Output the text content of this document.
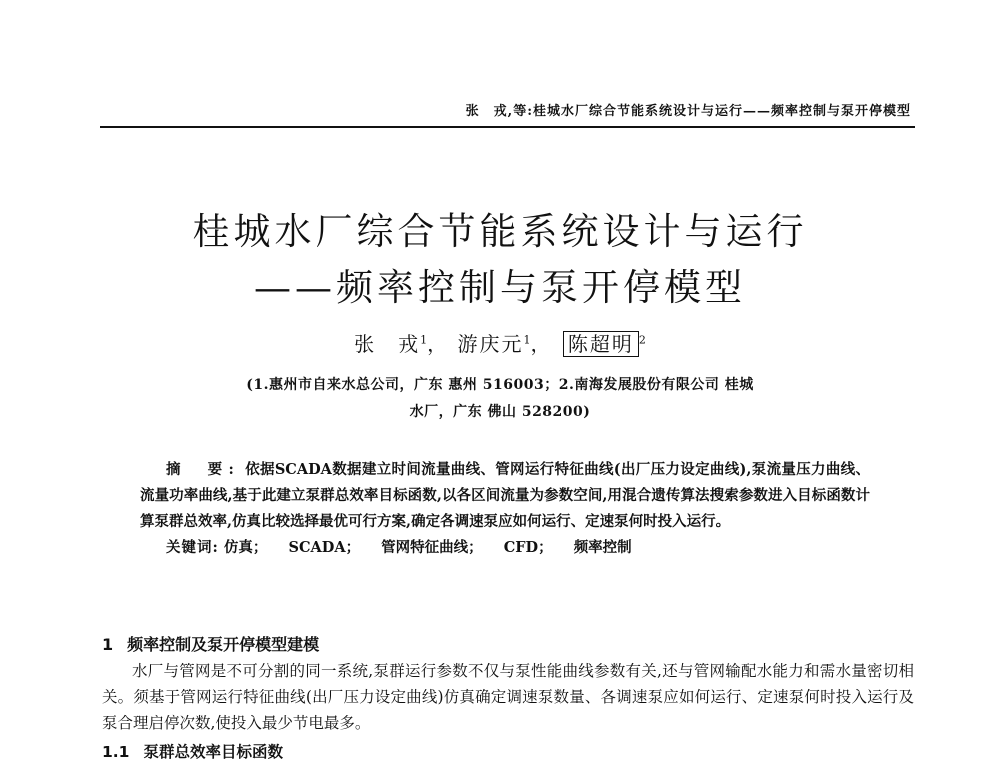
张　戎,等:桂城水厂综合节能系统设计与运行——频率控制与泵开停模型
桂城水厂综合节能系统设计与运行
——频率控制与泵开停模型
张　戎$^1$， 游庆元$^1$， 陈超明 $^2$
(1.惠州市自来水总公司，广东 惠州 516003；2.南海发展股份有限公司 桂城
水厂，广东 佛山 528200)
摘　要: 依据SCADA数据建立时间流量曲线、管网运行特征曲线(出厂压力设定曲线),泵流量压力曲线、流量功率曲线,基于此建立泵群总效率目标函数,以各区间流量为参数空间,用混合遗传算法搜索参数进入目标函数计算泵群总效率,仿真比较选择最优可行方案,确定各调速泵应如何运行、定速泵何时投入运行。
关键词: 仿真； SCADA； 管网特征曲线； CFD； 频率控制
1 频率控制及泵开停模型建模

水厂与管网是不可分割的同一系统,泵群运行参数不仅与泵性能曲线参数有关,还与管网输配水能力和需水量密切相关。须基于管网运行特征曲线(出厂压力设定曲线)仿真确定调速泵数量、各调速泵应如何运行、定速泵何时投入运行及泵合理启停次数,使投入最少节电最多。

1.1 泵群总效率目标函数
